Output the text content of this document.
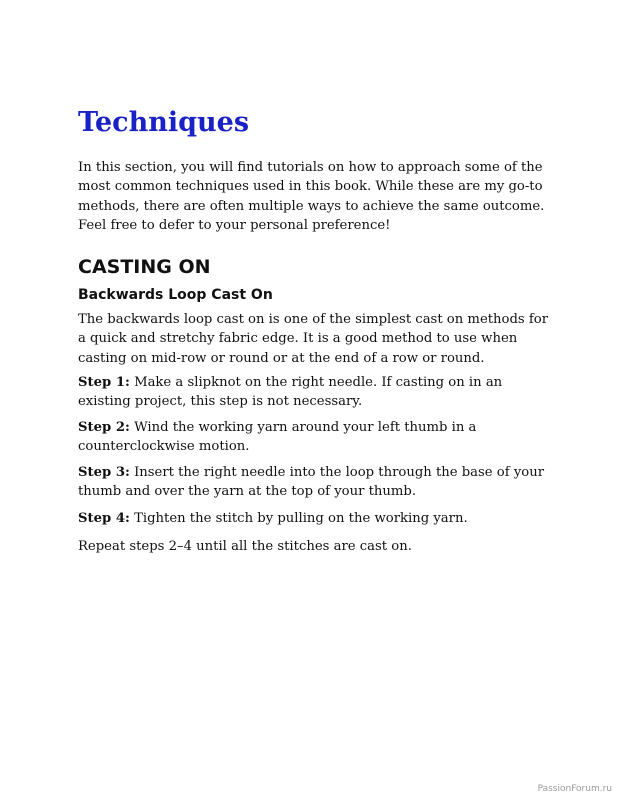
Techniques

In this section, you will find tutorials on how to approach some of the most common techniques used in this book. While these are my go-to methods, there are often multiple ways to achieve the same outcome. Feel free to defer to your personal preference!

CASTING ON
Backwards Loop Cast On

The backwards loop cast on is one of the simplest cast on methods for a quick and stretchy fabric edge. It is a good method to use when casting on mid-row or round or at the end of a row or round.

Step 1: Make a slipknot on the right needle. If casting on in an existing project, this step is not necessary.

Step 2: Wind the working yarn around your left thumb in a counterclockwise motion.

Step 3: Insert the right needle into the loop through the base of your thumb and over the yarn at the top of your thumb.

Step 4: Tighten the stitch by pulling on the working yarn.

Repeat steps 2–4 until all the stitches are cast on.

PassionForum.ru
